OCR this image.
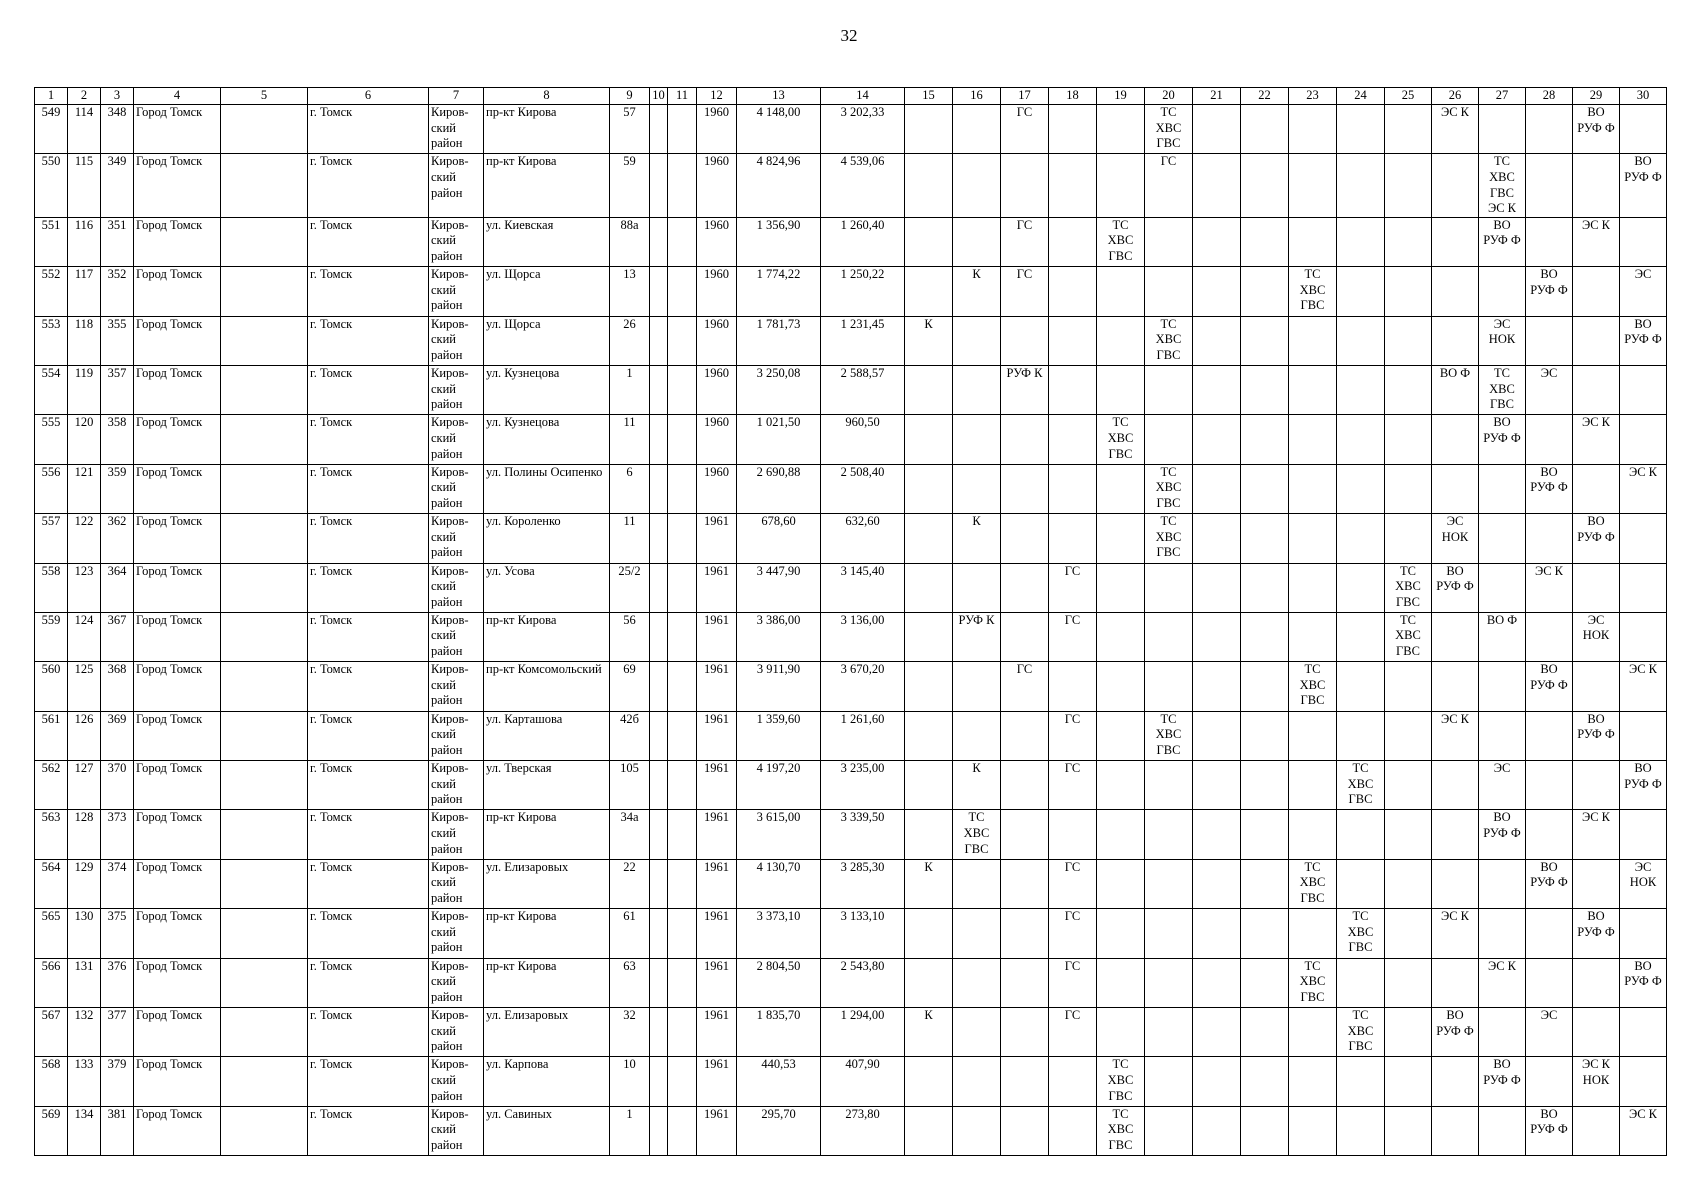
32
1	2	3	4	5	6	7	8	9	10	11	12	13	14	15	16	17	18	19	20	21	22	23	24	25	26	27	28	29	30
549	114	348	Город Томск		г. Томск	Киров-
ский
район	пр-кт Кирова	57			1960	4 148,00	3 202,33			ГС			ТС
ХВС
ГВС						ЭС К			ВО
РУФ Ф	
550	115	349	Город Томск		г. Томск	Киров-
ский
район	пр-кт Кирова	59			1960	4 824,96	4 539,06						ГС							ТС
ХВС
ГВС
ЭС К			ВО
РУФ Ф
551	116	351	Город Томск		г. Томск	Киров-
ский
район	ул. Киевская	88а			1960	1 356,90	1 260,40			ГС		ТС
ХВС
ГВС								ВО
РУФ Ф		ЭС К	
552	117	352	Город Томск		г. Томск	Киров-
ский
район	ул. Щорса	13			1960	1 774,22	1 250,22		К	ГС						ТС
ХВС
ГВС					ВО
РУФ Ф		ЭС
553	118	355	Город Томск		г. Томск	Киров-
ский
район	ул. Щорса	26			1960	1 781,73	1 231,45	К					ТС
ХВС
ГВС							ЭС
НОК			ВО
РУФ Ф
554	119	357	Город Томск		г. Томск	Киров-
ский
район	ул. Кузнецова	1			1960	3 250,08	2 588,57			РУФ К									ВО Ф	ТС
ХВС
ГВС	ЭС		
555	120	358	Город Томск		г. Томск	Киров-
ский
район	ул. Кузнецова	11			1960	1 021,50	960,50					ТС
ХВС
ГВС								ВО
РУФ Ф		ЭС К	
556	121	359	Город Томск		г. Томск	Киров-
ский
район	ул. Полины Осипенко	6			1960	2 690,88	2 508,40						ТС
ХВС
ГВС								ВО
РУФ Ф		ЭС К
557	122	362	Город Томск		г. Томск	Киров-
ский
район	ул. Короленко	11			1961	678,60	632,60		К				ТС
ХВС
ГВС						ЭС
НОК			ВО
РУФ Ф	
558	123	364	Город Томск		г. Томск	Киров-
ский
район	ул. Усова	25/2			1961	3 447,90	3 145,40				ГС							ТС
ХВС
ГВС	ВО
РУФ Ф		ЭС К		
559	124	367	Город Томск		г. Томск	Киров-
ский
район	пр-кт Кирова	56			1961	3 386,00	3 136,00		РУФ К		ГС							ТС
ХВС
ГВС		ВО Ф		ЭС
НОК	
560	125	368	Город Томск		г. Томск	Киров-
ский
район	пр-кт Комсомольский	69			1961	3 911,90	3 670,20			ГС						ТС
ХВС
ГВС					ВО
РУФ Ф		ЭС К
561	126	369	Город Томск		г. Томск	Киров-
ский
район	ул. Карташова	42б			1961	1 359,60	1 261,60				ГС		ТС
ХВС
ГВС						ЭС К			ВО
РУФ Ф	
562	127	370	Город Томск		г. Томск	Киров-
ский
район	ул. Тверская	105			1961	4 197,20	3 235,00		К		ГС						ТС
ХВС
ГВС			ЭС			ВО
РУФ Ф
563	128	373	Город Томск		г. Томск	Киров-
ский
район	пр-кт Кирова	34а			1961	3 615,00	3 339,50		ТС
ХВС
ГВС											ВО
РУФ Ф		ЭС К	
564	129	374	Город Томск		г. Томск	Киров-
ский
район	ул. Елизаровых	22			1961	4 130,70	3 285,30	К			ГС					ТС
ХВС
ГВС					ВО
РУФ Ф		ЭС
НОК
565	130	375	Город Томск		г. Томск	Киров-
ский
район	пр-кт Кирова	61			1961	3 373,10	3 133,10				ГС						ТС
ХВС
ГВС		ЭС К			ВО
РУФ Ф	
566	131	376	Город Томск		г. Томск	Киров-
ский
район	пр-кт Кирова	63			1961	2 804,50	2 543,80				ГС					ТС
ХВС
ГВС				ЭС К			ВО
РУФ Ф
567	132	377	Город Томск		г. Томск	Киров-
ский
район	ул. Елизаровых	32			1961	1 835,70	1 294,00	К			ГС						ТС
ХВС
ГВС		ВО
РУФ Ф		ЭС		
568	133	379	Город Томск		г. Томск	Киров-
ский
район	ул. Карпова	10			1961	440,53	407,90					ТС
ХВС
ГВС								ВО
РУФ Ф		ЭС К
НОК	
569	134	381	Город Томск		г. Томск	Киров-
ский
район	ул. Савиных	1			1961	295,70	273,80					ТС
ХВС
ГВС									ВО
РУФ Ф		ЭС К
